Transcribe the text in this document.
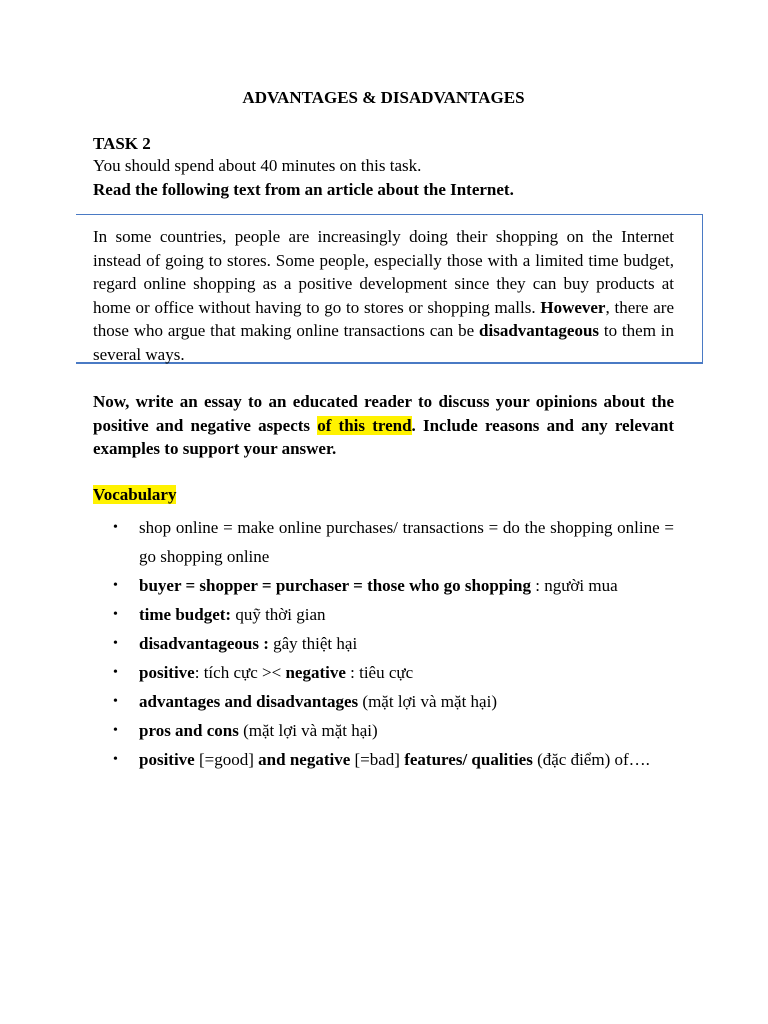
ADVANTAGES & DISADVANTAGES
TASK 2
You should spend about 40 minutes on this task.
Read the following text from an article about the Internet.
In some countries, people are increasingly doing their shopping on the Internet instead of going to stores. Some people, especially those with a limited time budget, regard online shopping as a positive development since they can buy products at home or office without having to go to stores or shopping malls. However, there are those who argue that making online transactions can be disadvantageous to them in several ways.
Now, write an essay to an educated reader to discuss your opinions about the positive and negative aspects of this trend. Include reasons and any relevant examples to support your answer.
Vocabulary
• shop online = make online purchases/ transactions = do the shopping online = go shopping online
• buyer = shopper = purchaser = those who go shopping : người mua
• time budget: quỹ thời gian
• disadvantageous : gây thiệt hại
• positive: tích cực >< negative : tiêu cực
• advantages and disadvantages (mặt lợi và mặt hại)
• pros and cons (mặt lợi và mặt hại)
• positive [=good] and negative [=bad] features/ qualities (đặc điểm) of….
